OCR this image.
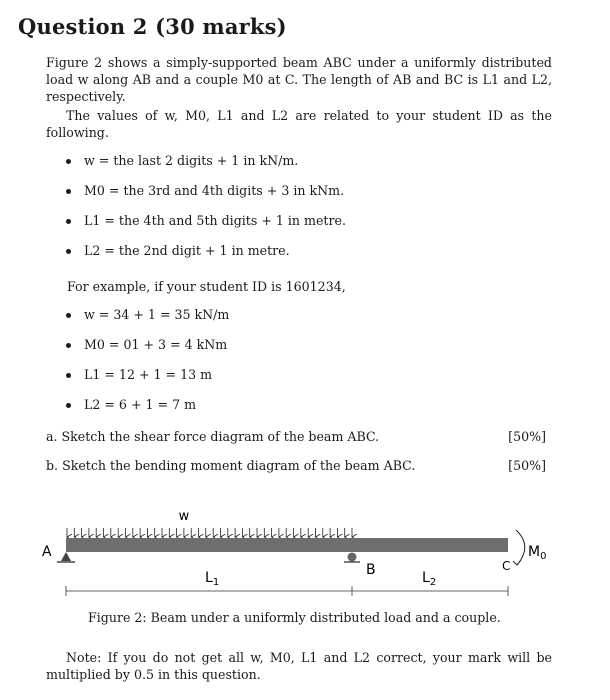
Question 2 (30 marks)
Figure 2 shows a simply-supported beam ABC under a uniformly distributed load w along AB and a couple M0 at C. The length of AB and BC is L1 and L2, respectively.
The values of w, M0, L1 and L2 are related to your student ID as the following.
w = the last 2 digits + 1 in kN/m.
M0 = the 3rd and 4th digits + 3 in kNm.
L1 = the 4th and 5th digits + 1 in metre.
L2 = the 2nd digit + 1 in metre.
For example, if your student ID is 1601234,
w = 34 + 1 = 35 kN/m
M0 = 01 + 3 = 4 kNm
L1 = 12 + 1 = 13 m
L2 = 6 + 1 = 7 m
a. Sketch the shear force diagram of the beam ABC.	[50%]
b. Sketch the bending moment diagram of the beam ABC.	[50%]
w
A
B	C
$M_0$
$L_1$	$L_2$
Figure 2: Beam under a uniformly distributed load and a couple.
Note: If you do not get all w, M0, L1 and L2 correct, your mark will be multiplied by 0.5 in this question.
